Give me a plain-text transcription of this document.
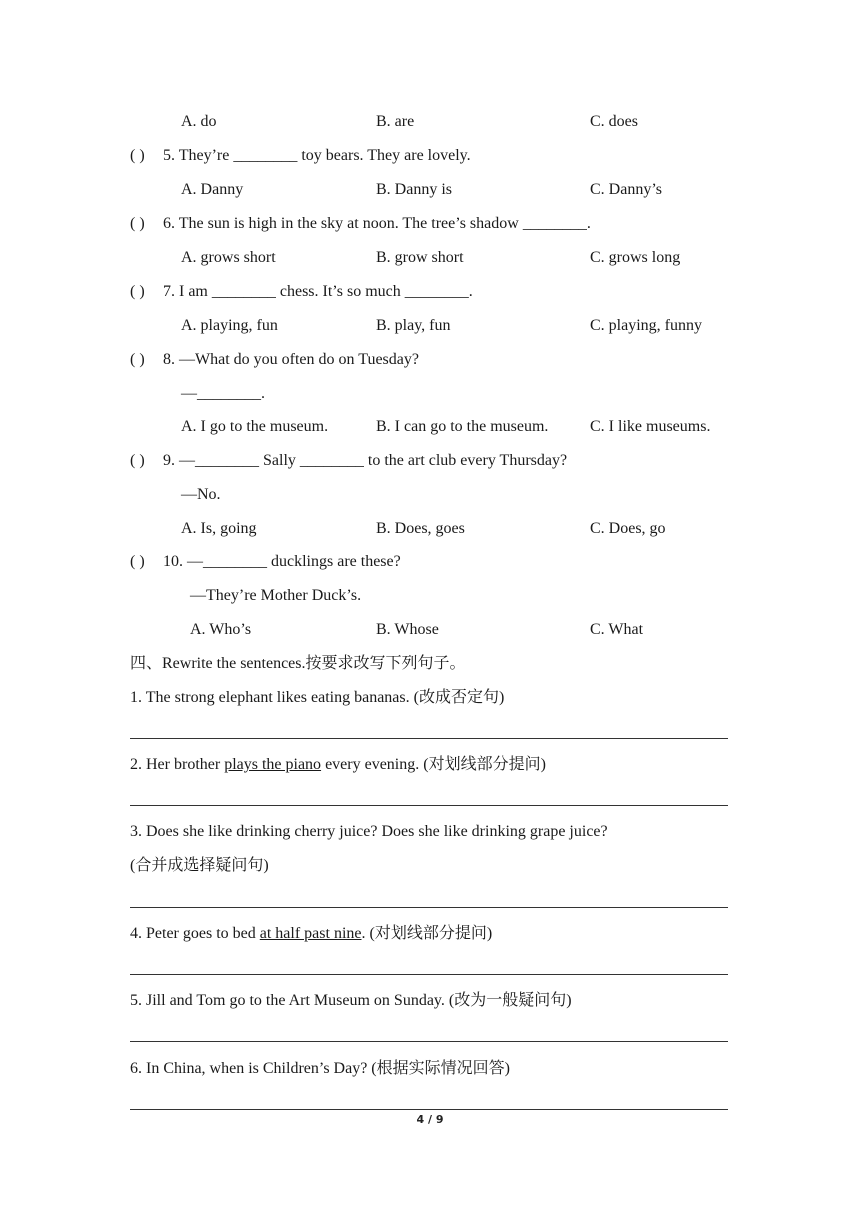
A. do	B. are	C. does
( ) 5. They’re ________ toy bears. They are lovely.
A. Danny	B. Danny is	C. Danny’s
( ) 6. The sun is high in the sky at noon. The tree’s shadow ________.
A. grows short	B. grow short	C. grows long
( ) 7. I am ________ chess. It’s so much ________.
A. playing, fun	B. play, fun	C. playing, funny
( ) 8. —What do you often do on Tuesday?
—________.
A. I go to the museum.	B. I can go to the museum.	C. I like museums.
( ) 9. —________ Sally ________ to the art club every Thursday?
—No.
A. Is, going	B. Does, goes	C. Does, go
( ) 10. —________ ducklings are these?
—They’re Mother Duck’s.
A. Who’s	B. Whose	C. What
四、Rewrite the sentences.按要求改写下列句子。
1. The strong elephant likes eating bananas. (改成否定句)
2. Her brother plays the piano every evening. (对划线部分提问)
3. Does she like drinking cherry juice? Does she like drinking grape juice?
(合并成选择疑问句)
4. Peter goes to bed at half past nine. (对划线部分提问)
5. Jill and Tom go to the Art Museum on Sunday. (改为一般疑问句)
6. In China, when is Children’s Day? (根据实际情况回答)
4 / 9
